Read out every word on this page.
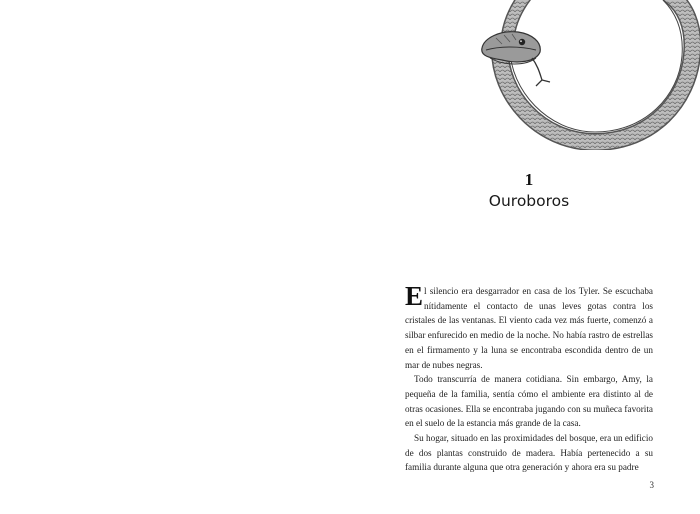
1
Ouroboros

El silencio era desgarrador en casa de los Tyler. Se escuchaba nítidamente el contacto de unas leves gotas contra los cristales de las ventanas. El viento cada vez más fuerte, comenzó a silbar enfurecido en medio de la noche. No había rastro de estrellas en el firmamento y la luna se encontraba escondida dentro de un mar de nubes negras.

Todo transcurría de manera cotidiana. Sin embargo, Amy, la pequeña de la familia, sentía cómo el ambiente era distinto al de otras ocasiones. Ella se encontraba jugando con su muñeca favorita en el suelo de la estancia más grande de la casa.

Su hogar, situado en las proximidades del bosque, era un edificio de dos plantas construido de madera. Había pertenecido a su familia durante alguna que otra generación y ahora era su padre

3
